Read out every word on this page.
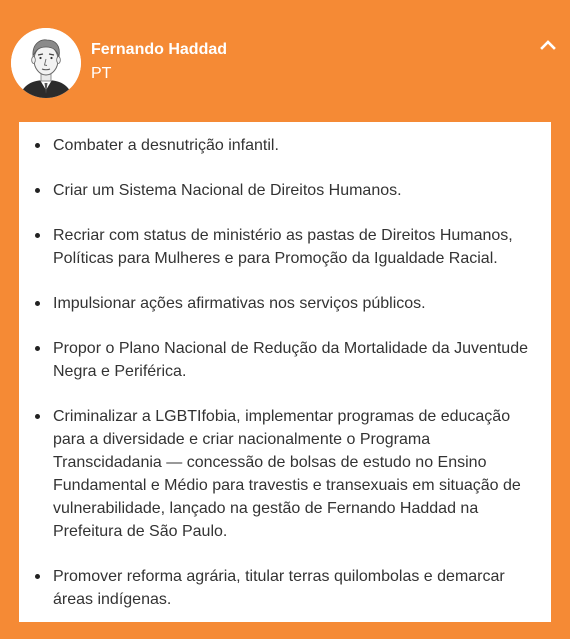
Fernando Haddad
PT
Combater a desnutrição infantil.
Criar um Sistema Nacional de Direitos Humanos.
Recriar com status de ministério as pastas de Direitos Humanos, Políticas para Mulheres e para Promoção da Igualdade Racial.
Impulsionar ações afirmativas nos serviços públicos.
Propor o Plano Nacional de Redução da Mortalidade da Juventude Negra e Periférica.
Criminalizar a LGBTIfobia, implementar programas de educação para a diversidade e criar nacionalmente o Programa Transcidadania — concessão de bolsas de estudo no Ensino Fundamental e Médio para travestis e transexuais em situação de vulnerabilidade, lançado na gestão de Fernando Haddad na Prefeitura de São Paulo.
Promover reforma agrária, titular terras quilombolas e demarcar áreas indígenas.
